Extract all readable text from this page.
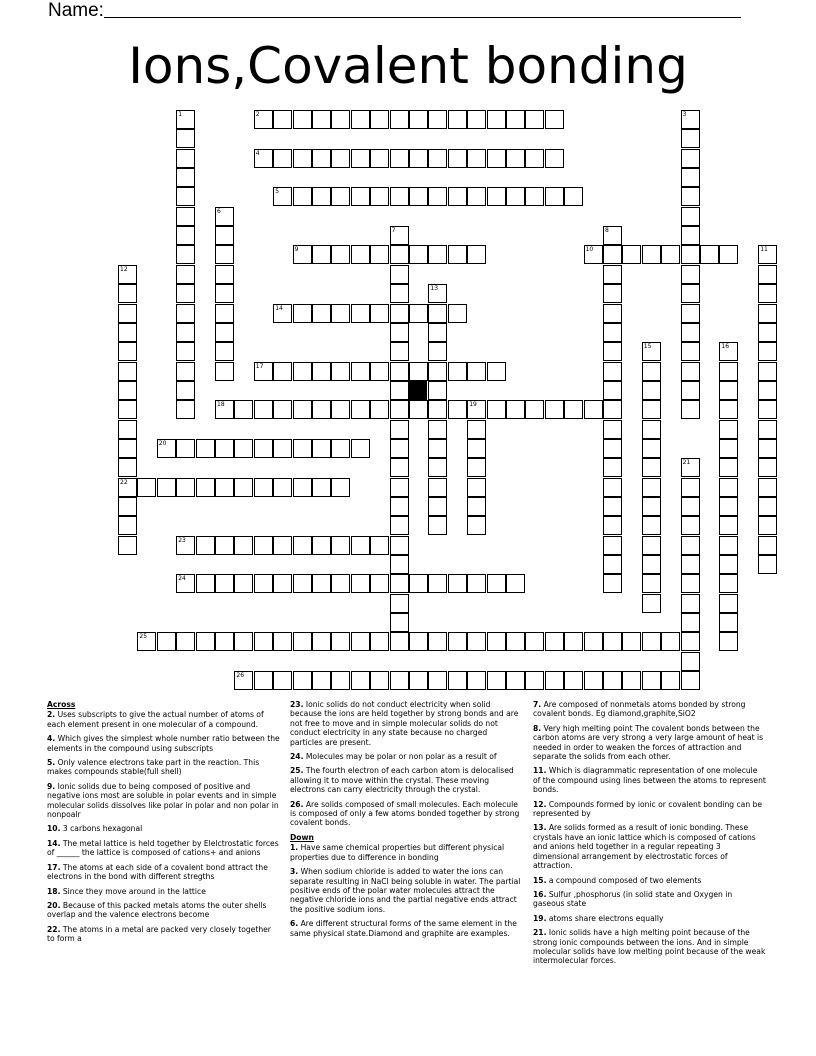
Name:
Ions,Covalent bonding
1	2	3
4
5
6
7	8
9	10	11
12
22
13
14
15	16
17
18	19
20
21
23
24
25
26
Across
2. Uses subscripts to give the actual number of atoms of each element present in one molecular of a compound.
4. Which gives the simplest whole number ratio between the elements in the compound using subscripts
5. Only valence electrons take part in the reaction. This makes compounds stable(full shell)
9. Ionic solids due to being composed of positive and negative ions most are soluble in polar events and in simple molecular solids dissolves like polar in polar and non polar in nonpoalr
10. 3 carbons hexagonal
14. The metal lattice is held together by Elelctrostatic forces of ______ the lattice is composed of cations+ and anions
17. The atoms at each side of a covalent bond attract the electrons in the bond with different stregths
18. Since they move around in the lattice
20. Because of this packed metals atoms the outer shells overlap and the valence electrons become
22. The atoms in a metal are packed very closely together to form a
23. Ionic solids do not conduct electricity when solid because the ions are held together by strong bonds and are not free to move and in simple molecular solids do not conduct electricity in any state because no charged particles are present.
24. Molecules may be polar or non polar as a result of
25. The fourth electron of each carbon atom is delocalised allowing it to move within the crystal. These moving electrons can carry electricity through the crystal.
26. Are solids composed of small molecules. Each molecule is composed of only a few atoms bonded together by strong covalent bonds.
Down
1. Have same chemical properties but different physical properties due to difference in bonding
3. When sodium chloride is added to water the ions can separate resulting in NaCl being soluble in water. The partial positive ends of the polar water molecules attract the negative chloride ions and the partial negative ends attract the positive sodium ions.
6. Are different structural forms of the same element in the same physical state.Diamond and graphite are examples.
7. Are composed of nonmetals atoms bonded by strong covalent bonds. Eg diamond,graphite,SiO2
8. Very high melting point The covalent bonds between the carbon atoms are very strong a very large amount of heat is needed in order to weaken the forces of attraction and separate the solids from each other.
11. Which is diagrammatic representation of one molecule of the compound using lines between the atoms to represent bonds.
12. Compounds formed by ionic or covalent bonding can be represented by
13. Are solids formed as a result of ionic bonding. These crystals have an ionic lattice which is composed of cations and anions held together in a regular repeating 3 dimensional arrangement by electrostatic forces of attraction.
15. a compound composed of two elements
16. Sulfur ,phosphorus (in solid state and Oxygen in gaseous state
19. atoms share electrons equally
21. Ionic solids have a high melting point because of the strong ionic compounds between the ions. And in simple molecular solids have low melting point because of the weak intermolecular forces.
